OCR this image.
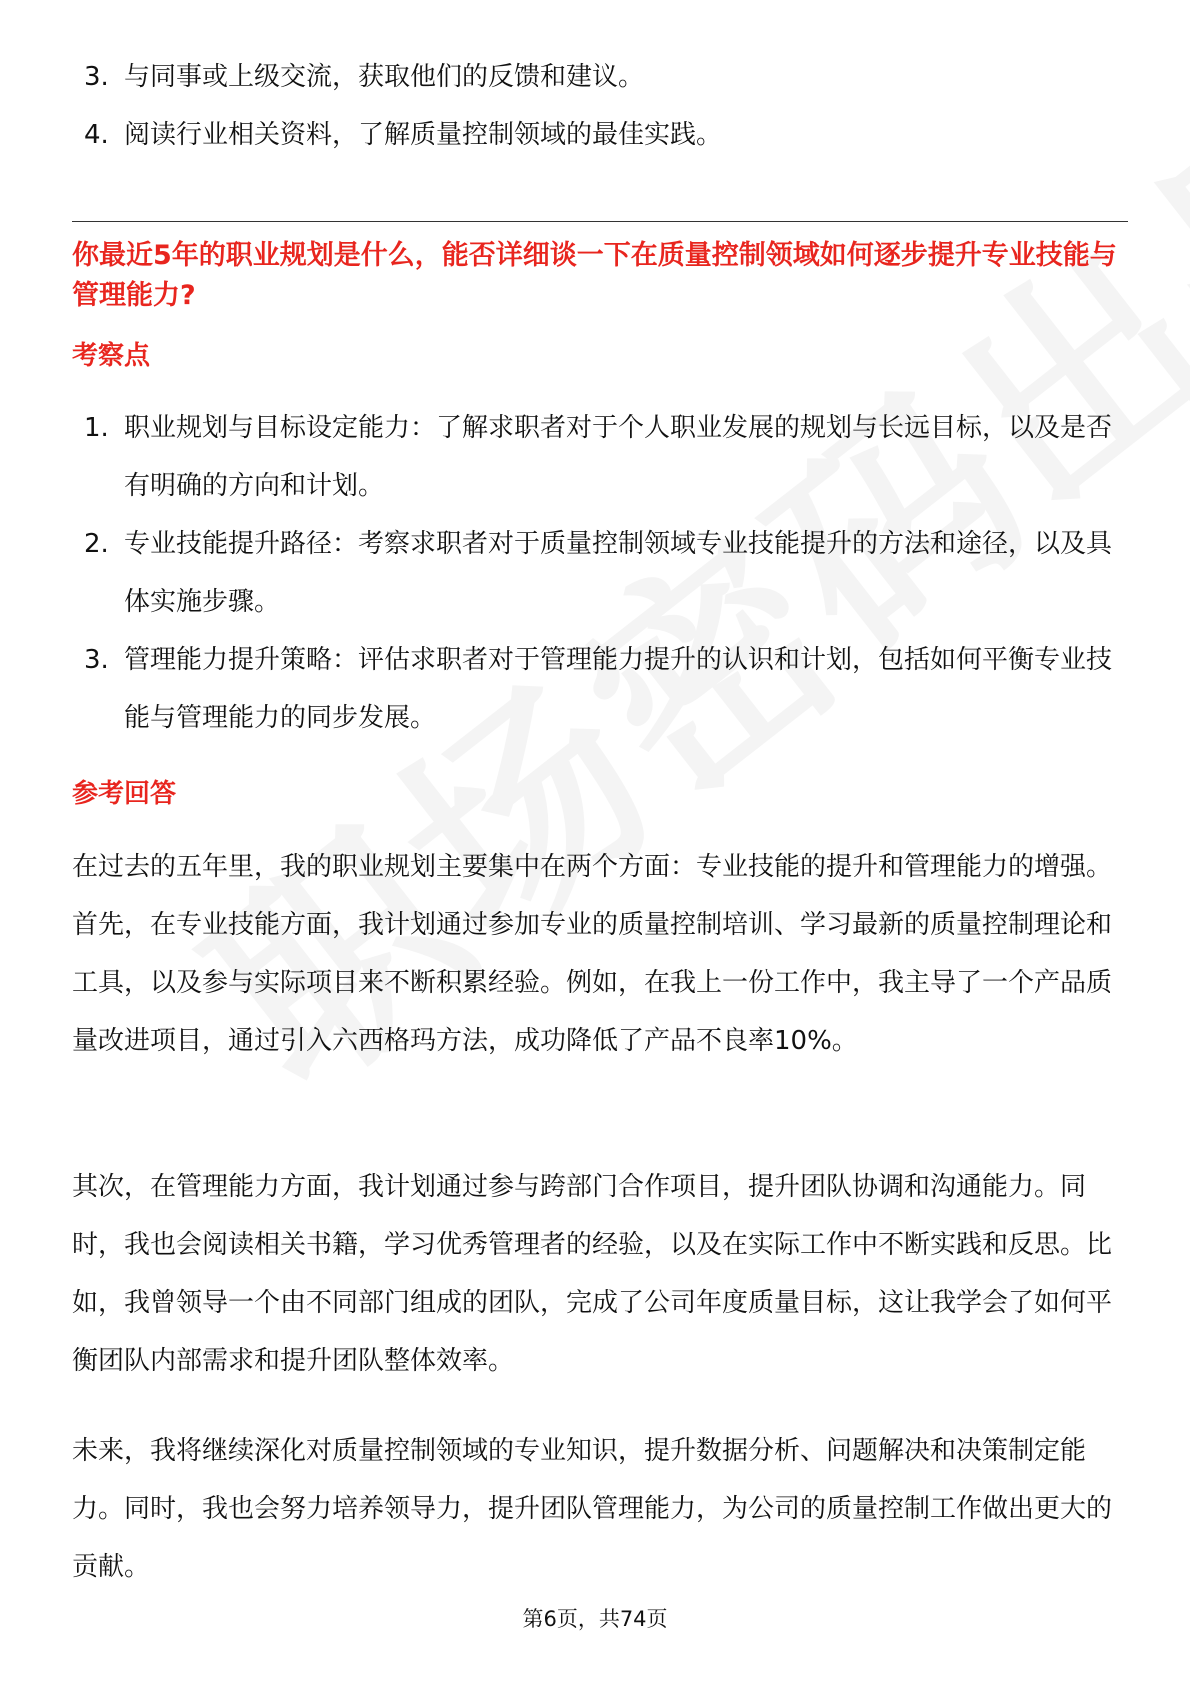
3. 与同事或上级交流，获取他们的反馈和建议。
4. 阅读行业相关资料，了解质量控制领域的最佳实践。
你最近5年的职业规划是什么，能否详细谈一下在质量控制领域如何逐步提升专业技能与管理能力?
考察点
1. 职业规划与目标设定能力：了解求职者对于个人职业发展的规划与长远目标，以及是否有明确的方向和计划。
2. 专业技能提升路径：考察求职者对于质量控制领域专业技能提升的方法和途径，以及具体实施步骤。
3. 管理能力提升策略：评估求职者对于管理能力提升的认识和计划，包括如何平衡专业技能与管理能力的同步发展。
参考回答

在过去的五年里，我的职业规划主要集中在两个方面：专业技能的提升和管理能力的增强。首先，在专业技能方面，我计划通过参加专业的质量控制培训、学习最新的质量控制理论和工具，以及参与实际项目来不断积累经验。例如，在我上一份工作中，我主导了一个产品质量改进项目，通过引入六西格玛方法，成功降低了产品不良率10%。

其次，在管理能力方面，我计划通过参与跨部门合作项目，提升团队协调和沟通能力。同时，我也会阅读相关书籍，学习优秀管理者的经验，以及在实际工作中不断实践和反思。比如，我曾领导一个由不同部门组成的团队，完成了公司年度质量目标，这让我学会了如何平衡团队内部需求和提升团队整体效率。

未来，我将继续深化对质量控制领域的专业知识，提升数据分析、问题解决和决策制定能力。同时，我也会努力培养领导力，提升团队管理能力，为公司的质量控制工作做出更大的贡献。

第6页，共74页
